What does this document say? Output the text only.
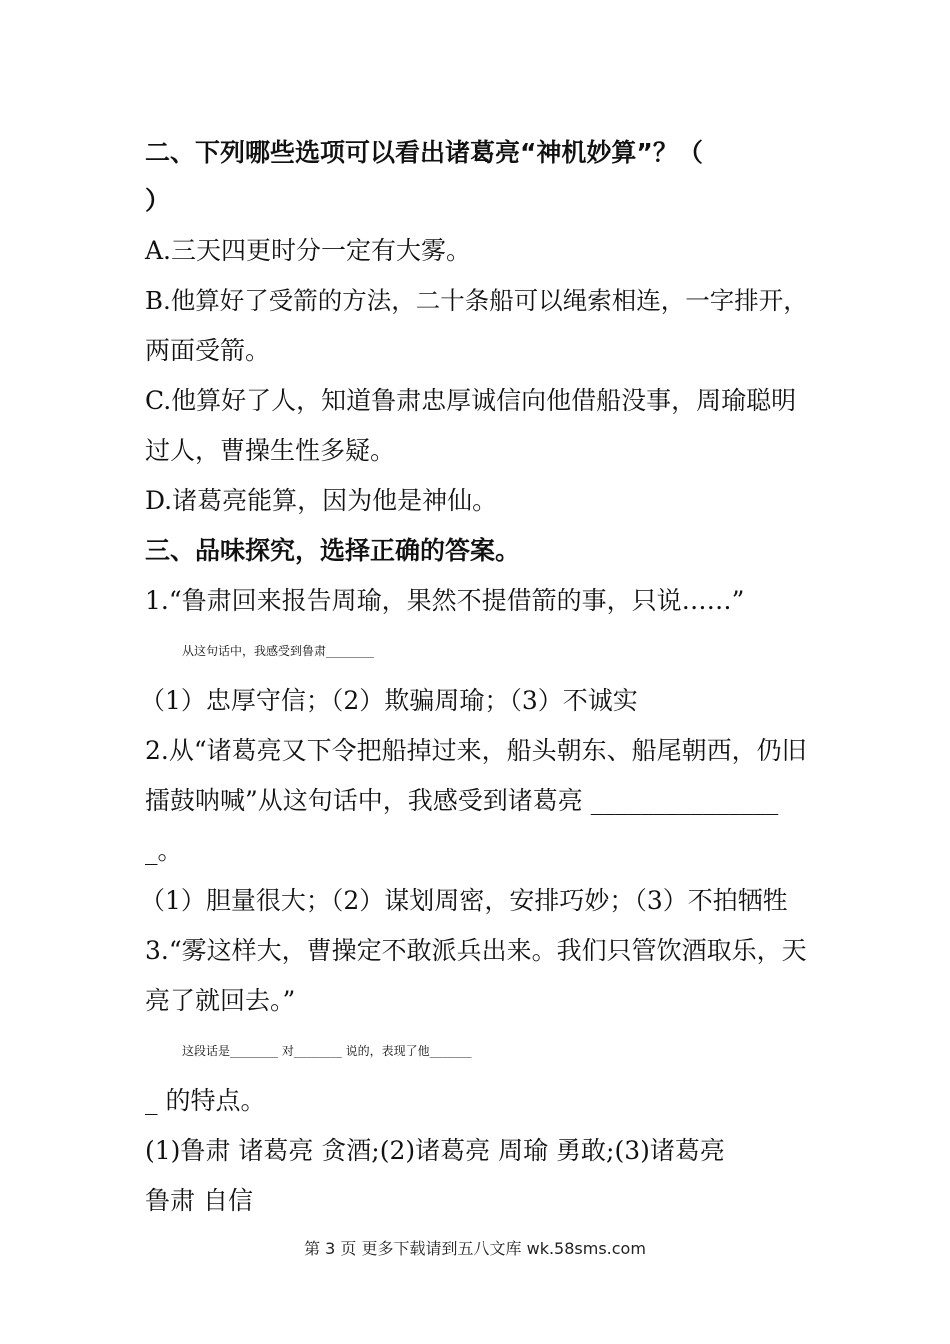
二、下列哪些选项可以看出诸葛亮“神机妙算”？（
）
A.三天四更时分一定有大雾。
B.他算好了受箭的方法，二十条船可以绳索相连，一字排开，
两面受箭。
C.他算好了人，知道鲁肃忠厚诚信向他借船没事，周瑜聪明
过人，曹操生性多疑。
D.诸葛亮能算，因为他是神仙。
三、品味探究，选择正确的答案。
1.“鲁肃回来报告周瑜，果然不提借箭的事，只说……”
从这句话中，我感受到鲁肃________
（1）忠厚守信；（2）欺骗周瑜；（3）不诚实
2.从“诸葛亮又下令把船掉过来，船头朝东、船尾朝西，仍旧
擂鼓呐喊”从这句话中，我感受到诸葛亮 _______________
_。
（1）胆量很大；（2）谋划周密，安排巧妙；（3）不拍牺牲
3.“雾这样大，曹操定不敢派兵出来。我们只管饮酒取乐，天
亮了就回去。”
这段话是________ 对________ 说的，表现了他_______
_ 的特点。
(1)鲁肃 诸葛亮 贪酒;(2)诸葛亮 周瑜 勇敢;(3)诸葛亮
鲁肃 自信
第 3 页 更多下载请到五八文库 wk.58sms.com
